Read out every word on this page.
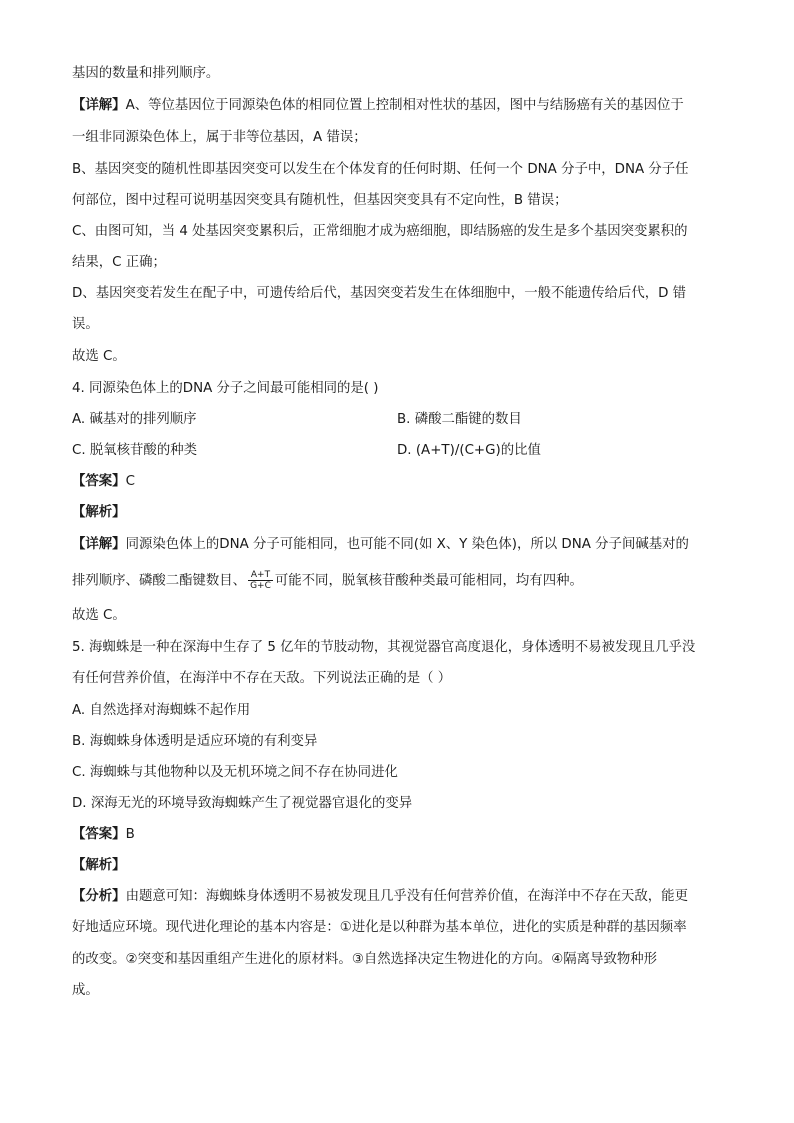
基因的数量和排列顺序。
【详解】A、等位基因位于同源染色体的相同位置上控制相对性状的基因，图中与结肠癌有关的基因位于
一组非同源染色体上，属于非等位基因，A 错误；
B、基因突变的随机性即基因突变可以发生在个体发育的任何时期、任何一个 DNA 分子中，DNA 分子任
何部位，图中过程可说明基因突变具有随机性，但基因突变具有不定向性，B 错误；
C、由图可知，当 4 处基因突变累积后，正常细胞才成为癌细胞，即结肠癌的发生是多个基因突变累积的
结果，C 正确；
D、基因突变若发生在配子中，可遗传给后代，基因突变若发生在体细胞中，一般不能遗传给后代，D 错
误。
故选 C。
4. 同源染色体上的DNA 分子之间最可能相同的是( )
A. 碱基对的排列顺序	B. 磷酸二酯键的数目
C. 脱氧核苷酸的种类	D. (A+T)/(C+G)的比值
【答案】C
【解析】
【详解】同源染色体上的DNA 分子可能相同，也可能不同(如 X、Y 染色体)，所以 DNA 分子间碱基对的
排列顺序、磷酸二酯键数目、 $\frac{A+T}{G+C}$ 可能不同，脱氧核苷酸种类最可能相同，均有四种。
故选 C。
5. 海蜘蛛是一种在深海中生存了 5 亿年的节肢动物，其视觉器官高度退化，身体透明不易被发现且几乎没
有任何营养价值，在海洋中不存在天敌。下列说法正确的是（ ）
A. 自然选择对海蜘蛛不起作用
B. 海蜘蛛身体透明是适应环境的有利变异
C. 海蜘蛛与其他物种以及无机环境之间不存在协同进化
D. 深海无光的环境导致海蜘蛛产生了视觉器官退化的变异
【答案】B
【解析】
【分析】由题意可知：海蜘蛛身体透明不易被发现且几乎没有任何营养价值，在海洋中不存在天敌，能更
好地适应环境。现代进化理论的基本内容是：①进化是以种群为基本单位，进化的实质是种群的基因频率
的改变。②突变和基因重组产生进化的原材料。③自然选择决定生物进化的方向。④隔离导致物种形
成。
